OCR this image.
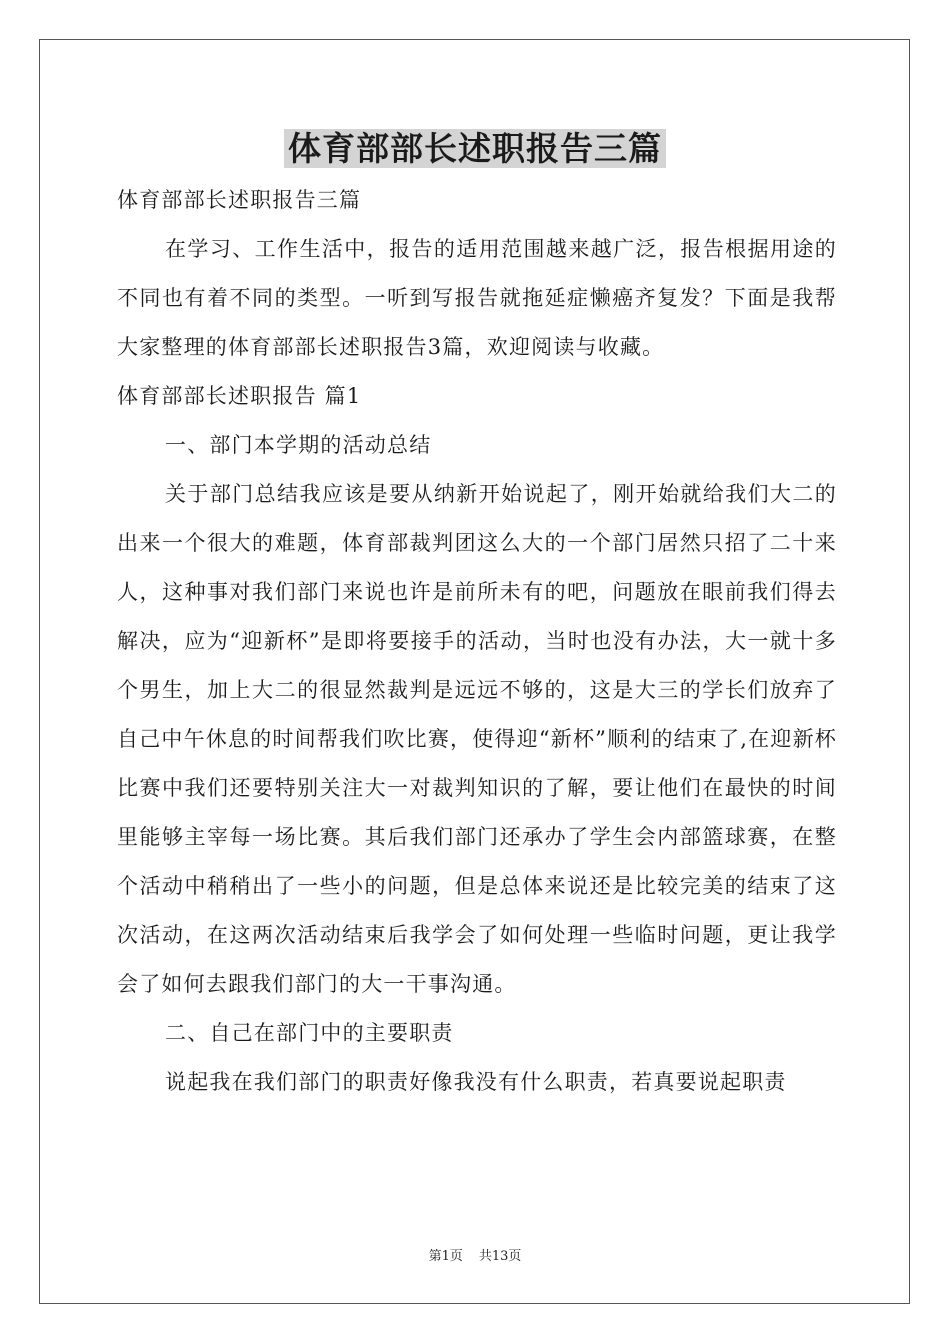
体育部部长述职报告三篇

体育部部长述职报告三篇

在学习、工作生活中，报告的适用范围越来越广泛，报告根据用途的不同也有着不同的类型。一听到写报告就拖延症懒癌齐复发？下面是我帮大家整理的体育部部长述职报告3篇，欢迎阅读与收藏。

体育部部长述职报告 篇1

一、部门本学期的活动总结

关于部门总结我应该是要从纳新开始说起了，刚开始就给我们大二的出来一个很大的难题，体育部裁判团这么大的一个部门居然只招了二十来人，这种事对我们部门来说也许是前所未有的吧，问题放在眼前我们得去解决，应为“迎新杯”是即将要接手的活动，当时也没有办法，大一就十多个男生，加上大二的很显然裁判是远远不够的，这是大三的学长们放弃了自己中午休息的时间帮我们吹比赛，使得迎“新杯”顺利的结束了,在迎新杯比赛中我们还要特别关注大一对裁判知识的了解，要让他们在最快的时间里能够主宰每一场比赛。其后我们部门还承办了学生会内部篮球赛，在整个活动中稍稍出了一些小的问题，但是总体来说还是比较完美的结束了这次活动，在这两次活动结束后我学会了如何处理一些临时问题，更让我学会了如何去跟我们部门的大一干事沟通。

二、自己在部门中的主要职责

说起我在我们部门的职责好像我没有什么职责，若真要说起职责

第1页 共13页
